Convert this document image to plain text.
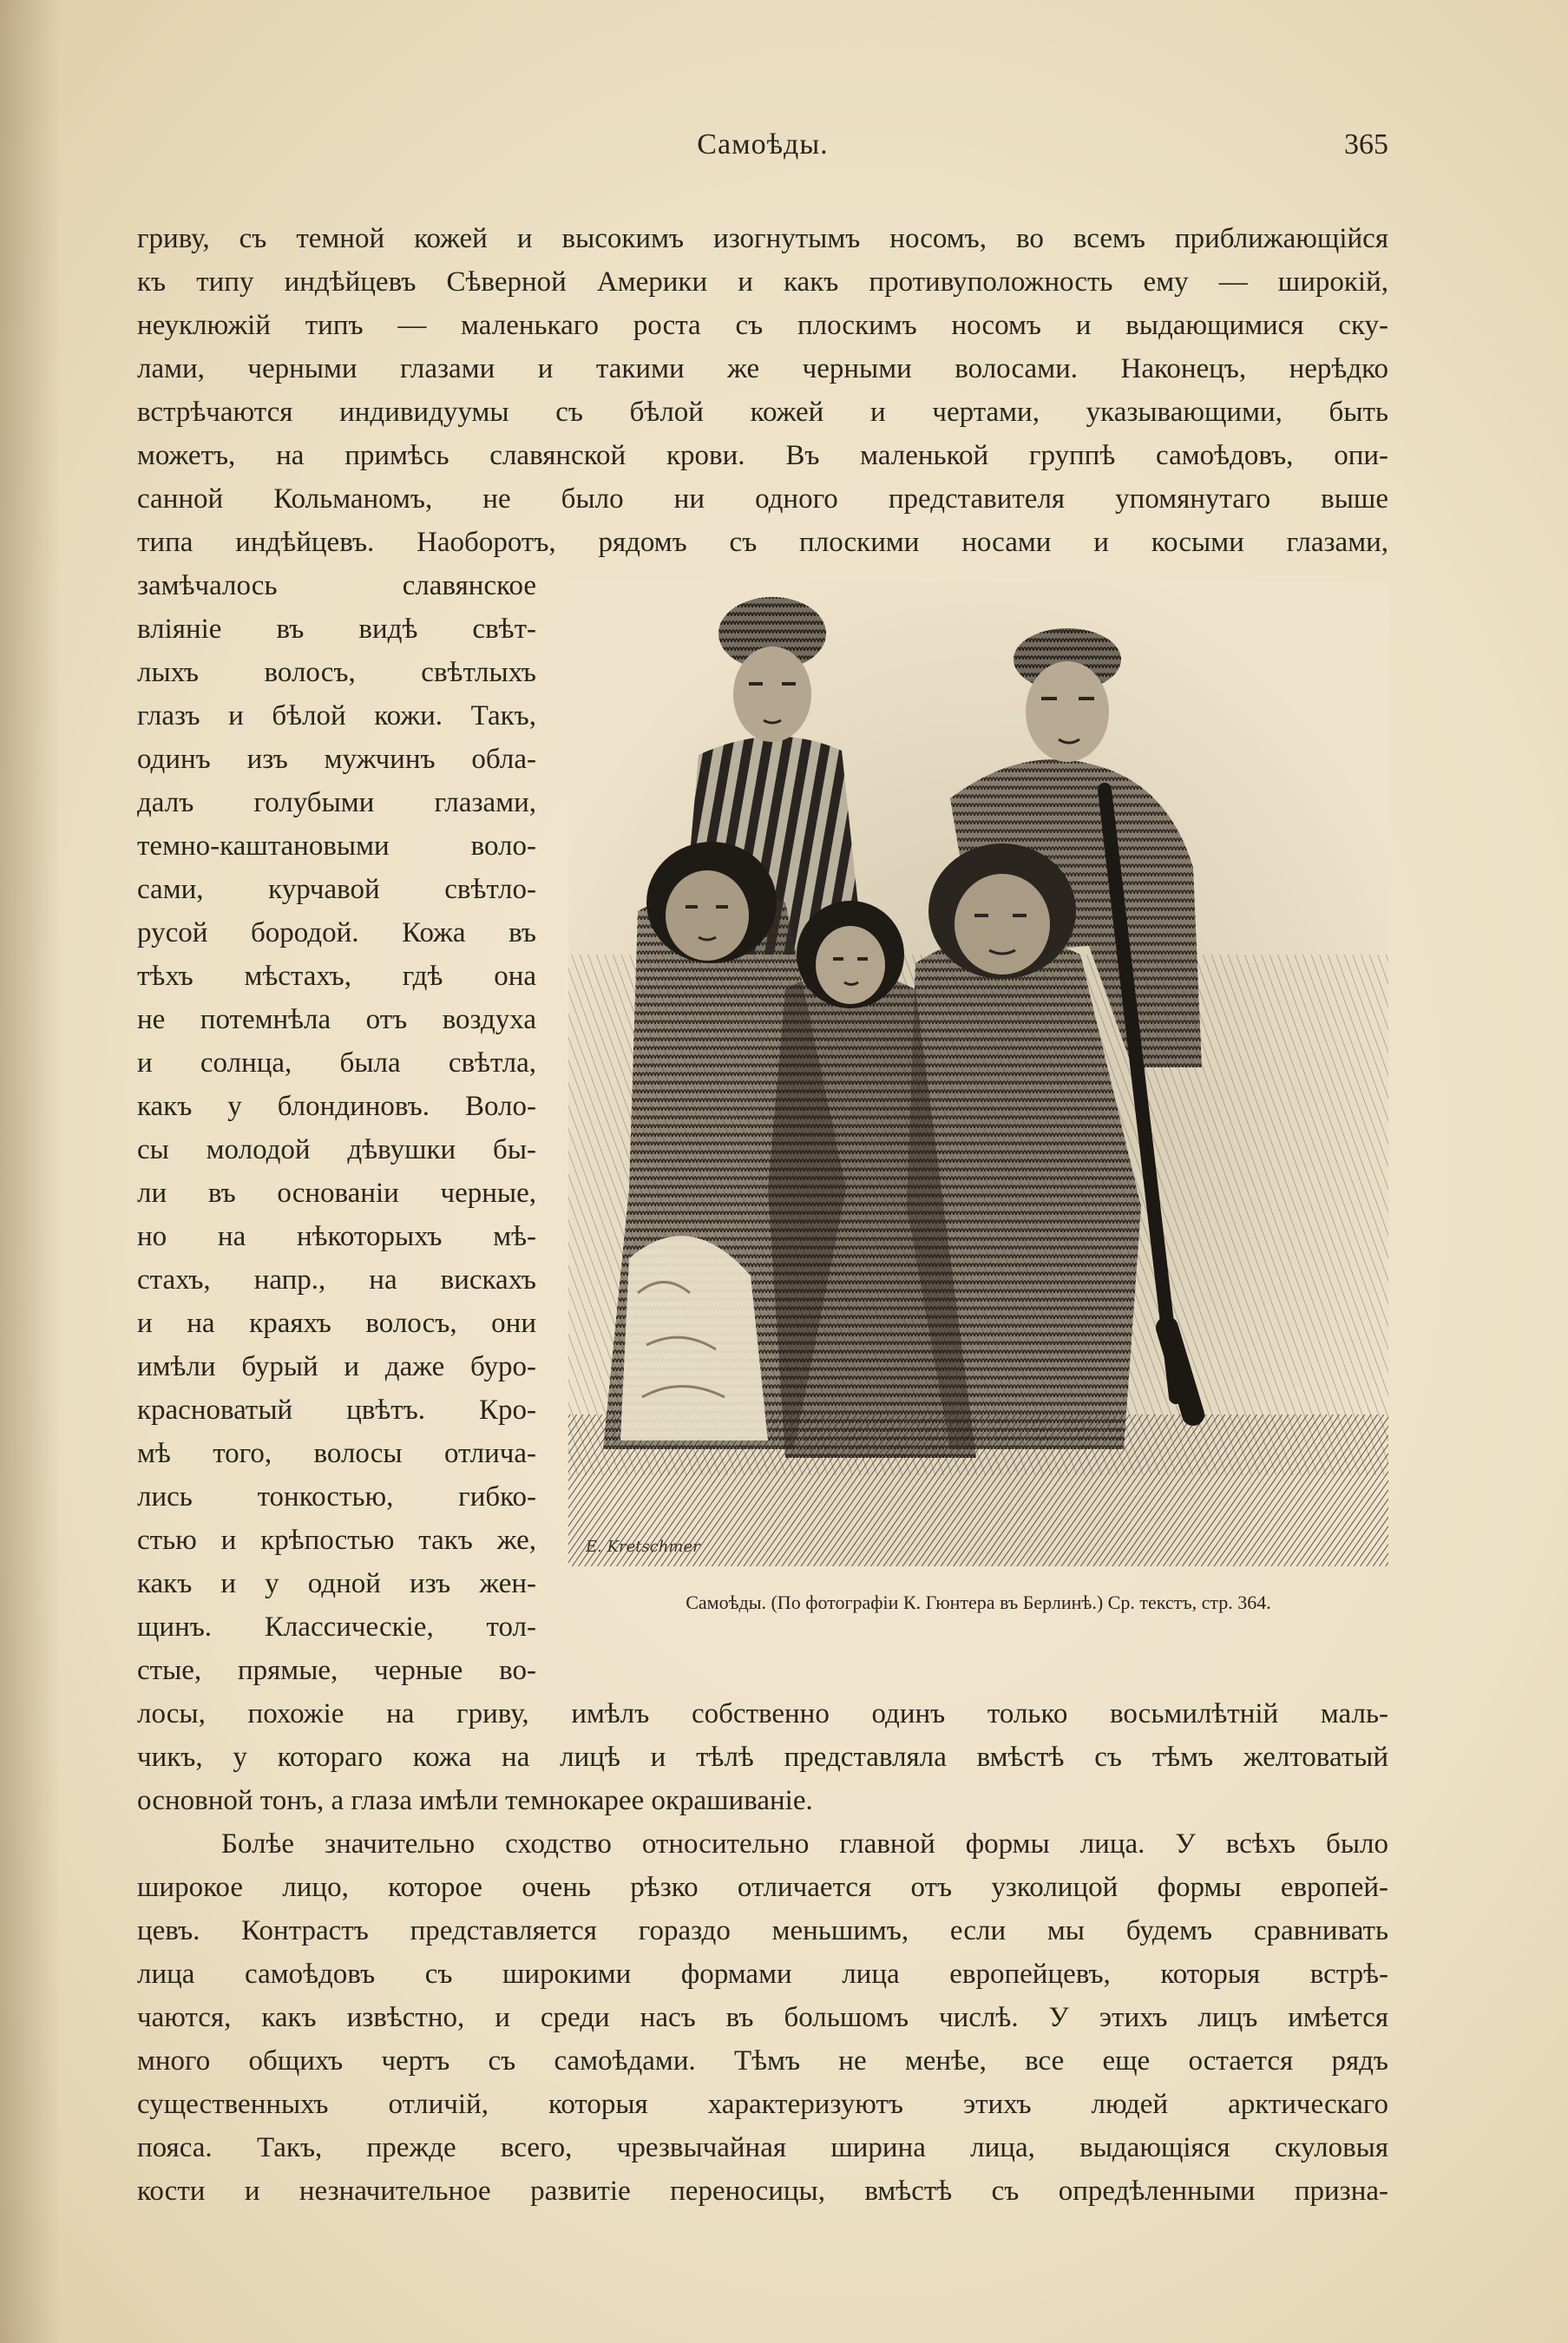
Самоѣды.	365
гриву, съ темной кожей и высокимъ изогнутымъ носомъ, во всемъ приближающійся
къ типу индѣйцевъ Сѣверной Америки и какъ противуположность ему — широкій,
неуклюжій типъ — маленькаго роста съ плоскимъ носомъ и выдающимися ску-
лами, черными глазами и такими же черными волосами. Наконецъ, нерѣдко
встрѣчаются индивидуумы съ бѣлой кожей и чертами, указывающими, быть
можетъ, на примѣсь славянской крови. Въ маленькой группѣ самоѣдовъ, опи-
санной Кольманомъ, не было ни одного представителя упомянутаго выше
типа индѣйцевъ. Наоборотъ, рядомъ съ плоскими носами и косыми глазами,
замѣчалось славянское
вліяніе въ видѣ свѣт-
лыхъ волосъ, свѣтлыхъ
глазъ и бѣлой кожи. Такъ,
одинъ изъ мужчинъ обла-
далъ голубыми глазами,
темно-каштановыми воло-
сами, курчавой свѣтло-
русой бородой. Кожа въ
тѣхъ мѣстахъ, гдѣ она
не потемнѣла отъ воздуха
и солнца, была свѣтла,
какъ у блондиновъ. Воло-
сы молодой дѣвушки бы-
ли въ основаніи черные,
но на нѣкоторыхъ мѣ-
стахъ, напр., на вискахъ
и на краяхъ волосъ, они
имѣли бурый и даже буро-
красноватый цвѣтъ. Кро-
мѣ того, волосы отлича-
лись тонкостью, гибко-
стью и крѣпостью такъ же,
какъ и у одной изъ жен-
щинъ. Классическіе, тол-
стые, прямые, черные во-
лосы, похожіе на гриву, имѣлъ собственно одинъ только восьмилѣтній маль-
чикъ, у котораго кожа на лицѣ и тѣлѣ представляла вмѣстѣ съ тѣмъ желтоватый
основной тонъ, а глаза имѣли темнокарее окрашиваніе.
Болѣе значительно сходство относительно главной формы лица. У всѣхъ было
широкое лицо, которое очень рѣзко отличается отъ узколицой формы европей-
цевъ. Контрастъ представляется гораздо меньшимъ, если мы будемъ сравнивать
лица самоѣдовъ съ широкими формами лица европейцевъ, которыя встрѣ-
чаются, какъ извѣстно, и среди насъ въ большомъ числѣ. У этихъ лицъ имѣется
много общихъ чертъ съ самоѣдами. Тѣмъ не менѣе, все еще остается рядъ
существенныхъ отличій, которыя характеризуютъ этихъ людей арктическаго
пояса. Такъ, прежде всего, чрезвычайная ширина лица, выдающіяся скуловыя
кости и незначительное развитіе переносицы, вмѣстѣ съ опредѣленными призна-
E. Kretschmer
Самоѣды. (По фотографіи К. Гюнтера въ Берлинѣ.) Ср. текстъ, стр. 364.
